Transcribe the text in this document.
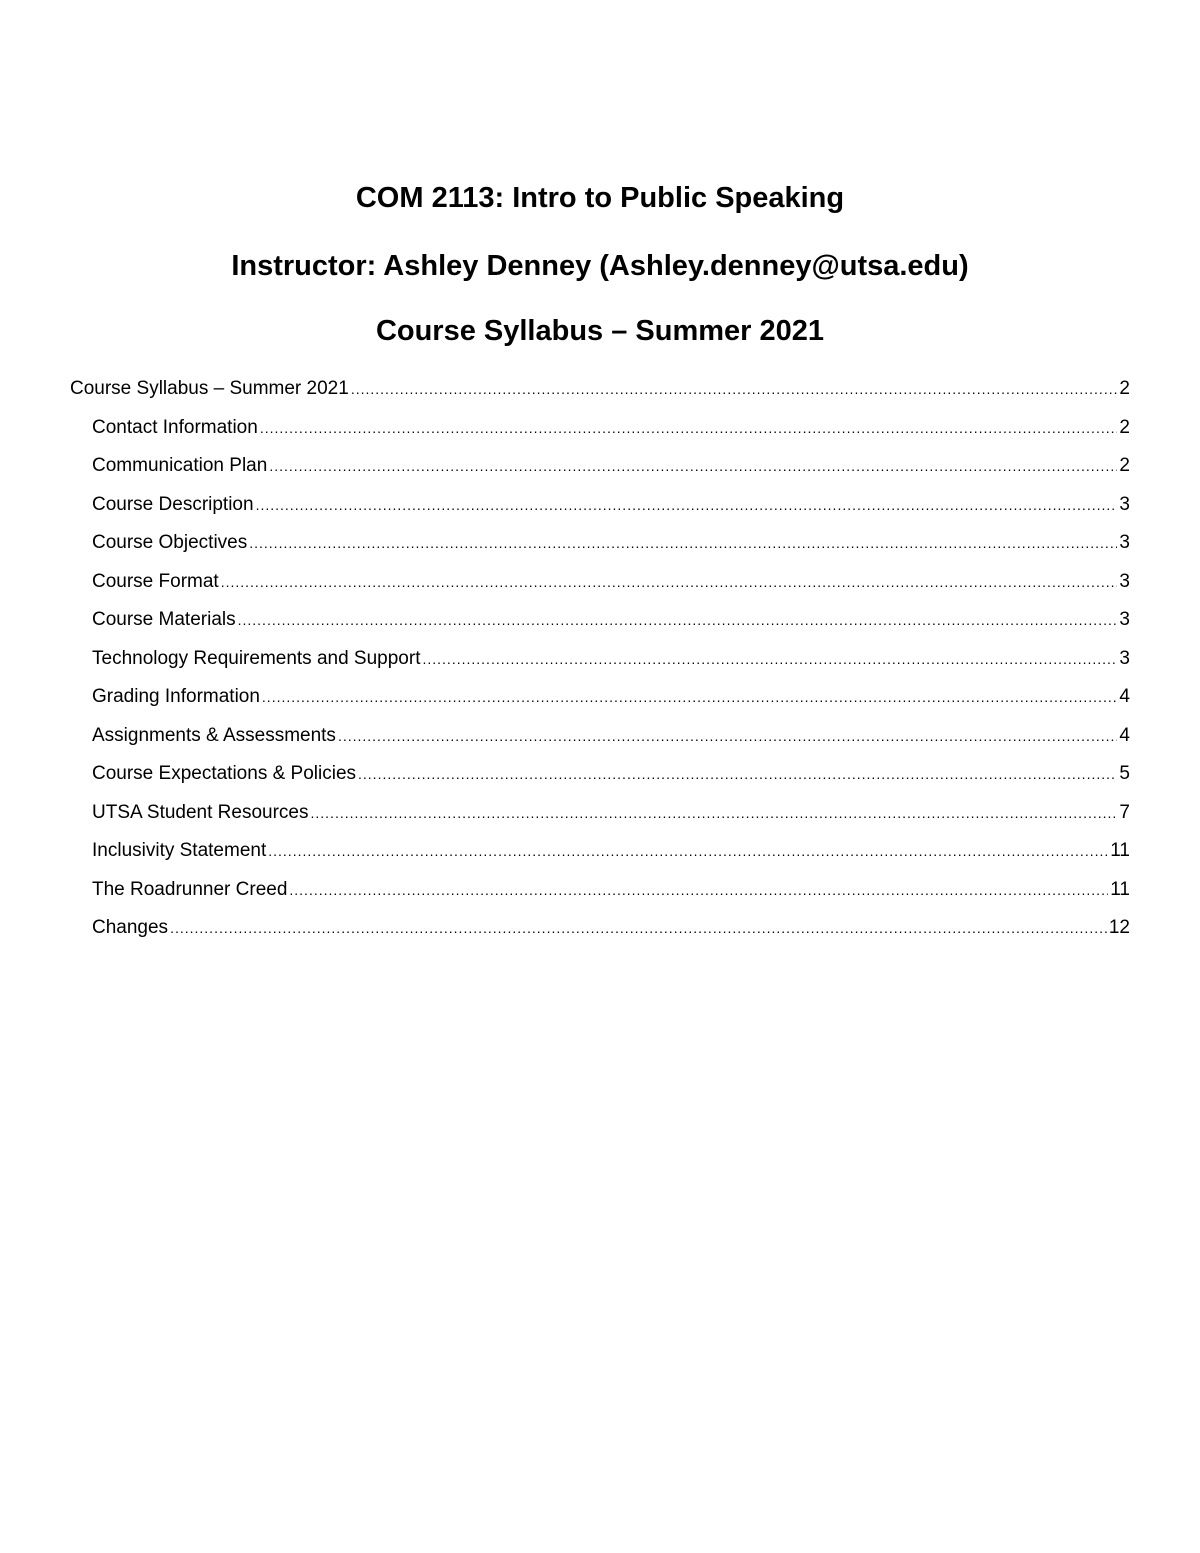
COM 2113: Intro to Public Speaking
Instructor: Ashley Denney (Ashley.denney@utsa.edu)
Course Syllabus – Summer 2021
Course Syllabus – Summer 2021 .....	2
Contact Information .....	2
Communication Plan .....	2
Course Description .....	3
Course Objectives .....	3
Course Format .....	3
Course Materials .....	3
Technology Requirements and Support .....	3
Grading Information .....	4
Assignments & Assessments .....	4
Course Expectations & Policies .....	5
UTSA Student Resources .....	7
Inclusivity Statement .....	11
The Roadrunner Creed .....	11
Changes .....	12
